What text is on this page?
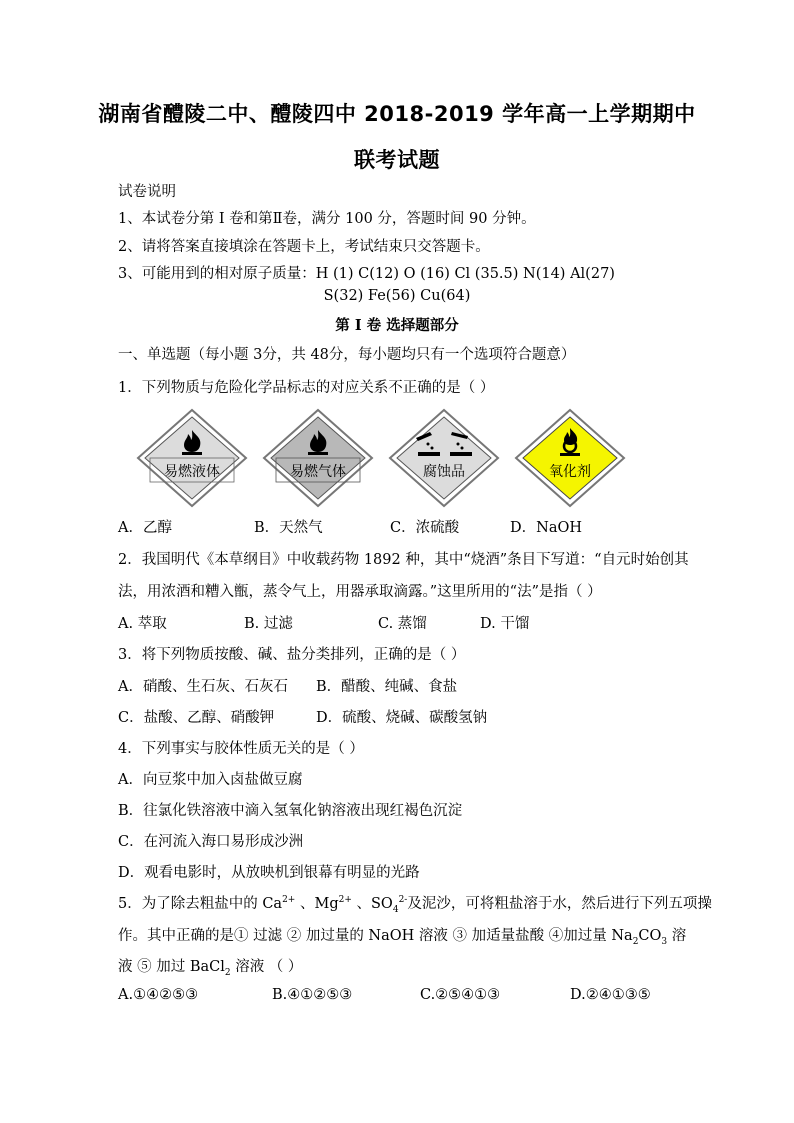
湖南省醴陵二中、醴陵四中 2018-2019 学年高一上学期期中
联考试题
试卷说明
1、本试卷分第 I 卷和第Ⅱ卷，满分 100 分，答题时间 90 分钟。
2、请将答案直接填涂在答题卡上，考试结束只交答题卡。
3、可能用到的相对原子质量：H (1) C(12) O (16) Cl (35.5) N(14) Al(27)
S(32) Fe(56) Cu(64)
第 I 卷 选择题部分
一、单选题（每小题 3分，共 48分，每小题均只有一个选项符合题意）
1．下列物质与危险化学品标志的对应关系不正确的是（ ）
易燃液体	易燃气体	腐蚀品	氧化剂
A．乙醇	B．天然气	C．浓硫酸	D．NaOH
2．我国明代《本草纲目》中收载药物 1892 种，其中“烧酒”条目下写道：“自元时始创其
法，用浓酒和糟入甑，蒸令气上，用器承取滴露。”这里所用的“法”是指（ ）
A. 萃取	B. 过滤	C. 蒸馏	D. 干馏
3．将下列物质按酸、碱、盐分类排列，正确的是（ ）
A．硝酸、生石灰、石灰石 B．醋酸、纯碱、食盐
C．盐酸、乙醇、硝酸钾	D．硫酸、烧碱、碳酸氢钠
4．下列事实与胶体性质无关的是（ ）
A．向豆浆中加入卤盐做豆腐
B．往氯化铁溶液中滴入氢氧化钠溶液出现红褐色沉淀
C．在河流入海口易形成沙洲
D．观看电影时，从放映机到银幕有明显的光路
5．为了除去粗盐中的 $Ca^{2+}$ 、$Mg^{2+}$ 、$SO_4^{2-}$及泥沙，可将粗盐溶于水，然后进行下列五项操
作。其中正确的是① 过滤 ② 加过量的 NaOH 溶液 ③ 加适量盐酸 ④加过量 $Na_2CO_3$ 溶
液 ⑤ 加过 BaCl$_2$ 溶液 （ ）
A.①④②⑤③	B.④①②⑤③	C.②⑤④①③	D.②④①③⑤
